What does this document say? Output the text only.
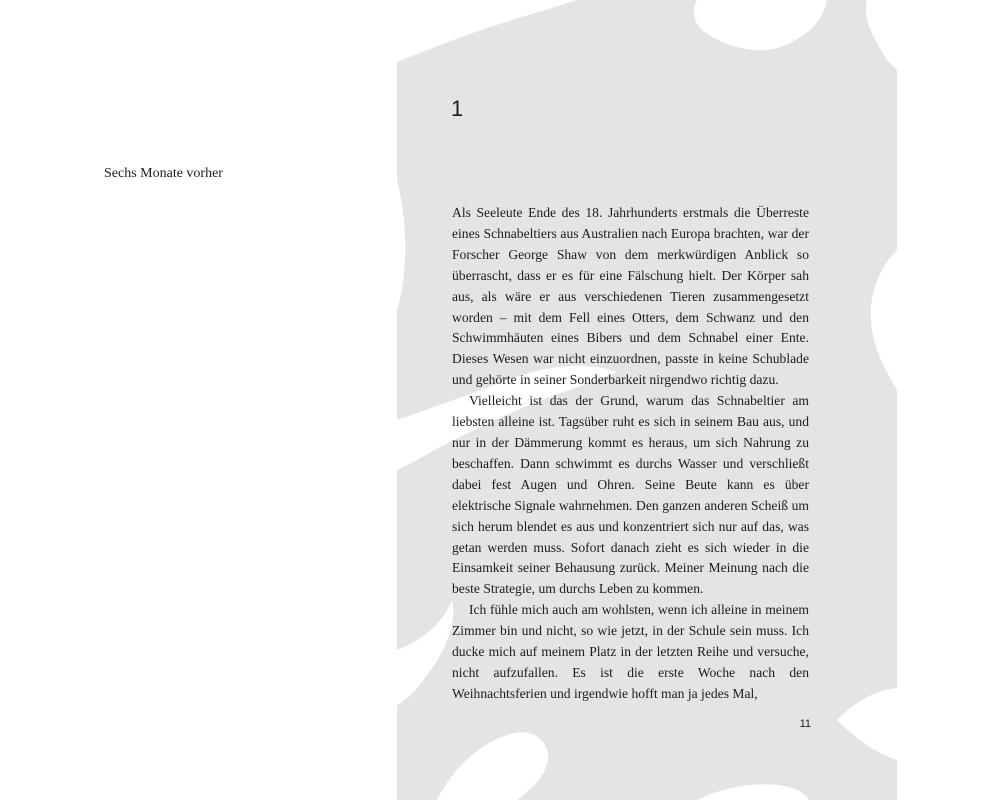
Sechs Monate vorher
1

Als Seeleute Ende des 18. Jahrhunderts erstmals die Überreste eines Schnabeltiers aus Australien nach Europa brachten, war der Forscher George Shaw von dem merkwürdigen Anblick so überrascht, dass er es für eine Fälschung hielt. Der Körper sah aus, als wäre er aus verschiedenen Tieren zusammengesetzt worden – mit dem Fell eines Otters, dem Schwanz und den Schwimmhäuten eines Bibers und dem Schnabel einer Ente. Dieses Wesen war nicht einzuordnen, passte in keine Schublade und gehörte in seiner Sonderbarkeit nirgendwo richtig dazu.

Vielleicht ist das der Grund, warum das Schnabeltier am liebsten alleine ist. Tagsüber ruht es sich in seinem Bau aus, und nur in der Dämmerung kommt es heraus, um sich Nahrung zu beschaffen. Dann schwimmt es durchs Wasser und verschließt dabei fest Augen und Ohren. Seine Beute kann es über elektrische Signale wahrnehmen. Den ganzen anderen Scheiß um sich herum blendet es aus und konzentriert sich nur auf das, was getan werden muss. Sofort danach zieht es sich wieder in die Einsamkeit seiner Behausung zurück. Meiner Meinung nach die beste Strategie, um durchs Leben zu kommen.

Ich fühle mich auch am wohlsten, wenn ich alleine in meinem Zimmer bin und nicht, so wie jetzt, in der Schule sein muss. Ich ducke mich auf meinem Platz in der letzten Reihe und versuche, nicht aufzufallen. Es ist die erste Woche nach den Weihnachtsferien und irgendwie hofft man ja jedes Mal,

11
